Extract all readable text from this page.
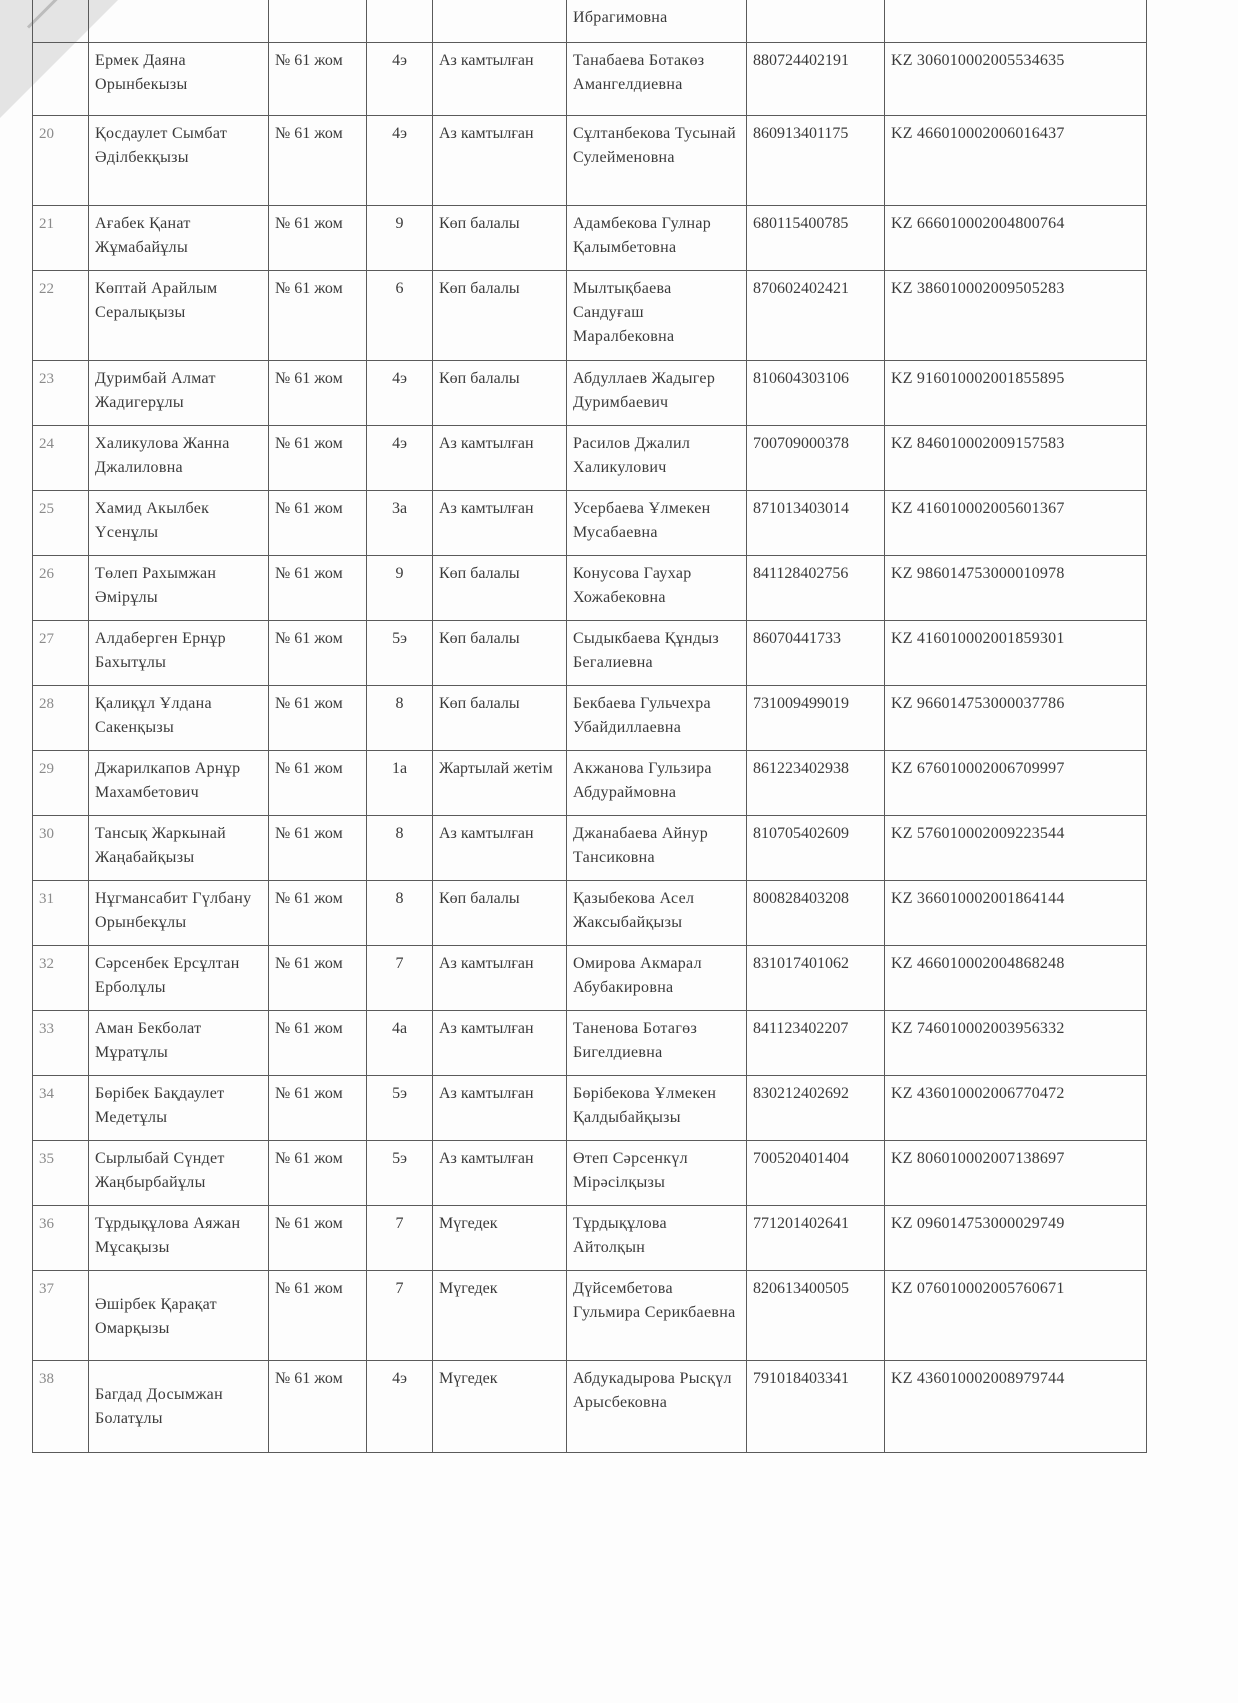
					Ибрагимовна		

	Ермек Даяна Орынбекызы	№ 61 жом	4э	Аз камтылған	Танабаева Ботакөз Амангелдиевна	880724402191	KZ 306010002005534635

20	Қосдаулет Сымбат Әділбекқызы	№ 61 жом	4э	Аз камтылған	Сұлтанбекова Тусынай Сулейменовна	860913401175	KZ 466010002006016437

21	Ағабек Қанат Жұмабайұлы	№ 61 жом	9	Көп балалы	Адамбекова Гулнар Қалымбетовна	680115400785	KZ 666010002004800764

22	Көптай Арайлым Сералықызы	№ 61 жом	6	Көп балалы	Мылтықбаева Сандуғаш Маралбековна	870602402421	KZ 386010002009505283

23	Дуримбай Алмат Жадигерұлы	№ 61 жом	4э	Көп балалы	Абдуллаев Жадыгер Дуримбаевич	810604303106	KZ 916010002001855895

24	Халикулова Жанна Джалиловна	№ 61 жом	4э	Аз камтылған	Расилов Джалил Халикулович	700709000378	KZ 846010002009157583

25	Хамид Акылбек Үсенұлы	№ 61 жом	3а	Аз камтылған	Усербаева Ұлмекен Мусабаевна	871013403014	KZ 416010002005601367

26	Төлеп Рахымжан Әмірұлы	№ 61 жом	9	Көп балалы	Конусова Гаухар Хожабековна	841128402756	KZ 986014753000010978

27	Алдаберген Ернұр Бахытұлы	№ 61 жом	5э	Көп балалы	Сыдыкбаева Құндыз Бегалиевна	86070441733	KZ 416010002001859301

28	Қалиқұл Ұлдана Сакенқызы	№ 61 жом	8	Көп балалы	Бекбаева Гульчехра Убайдиллаевна	731009499019	KZ 966014753000037786

29	Джарилкапов Арнұр Махамбетович	№ 61 жом	1а	Жартылай жетім	Акжанова Гульзира Абдураймовна	861223402938	KZ 676010002006709997

30	Тансық Жаркынай Жаңабайқызы	№ 61 жом	8	Аз камтылған	Джанабаева Айнур Тансиковна	810705402609	KZ 576010002009223544

31	Нұгмансабит Гүлбану Орынбекұлы	№ 61 жом	8	Көп балалы	Қазыбекова Асел Жаксыбайқызы	800828403208	KZ 366010002001864144

32	Сәрсенбек Ерсұлтан Ерболұлы	№ 61 жом	7	Аз камтылған	Омирова Акмарал Абубакировна	831017401062	KZ 466010002004868248

33	Аман Бекболат Мұратұлы	№ 61 жом	4а	Аз камтылған	Таненова Ботагөз Бигелдиевна	841123402207	KZ 746010002003956332

34	Бөрібек Бақдаулет Медетұлы	№ 61 жом	5э	Аз камтылған	Бөрібекова Ұлмекен Қалдыбайқызы	830212402692	KZ 436010002006770472

35	Сырлыбай Сүндет Жаңбырбайұлы	№ 61 жом	5э	Аз камтылған	Өтеп Сәрсенкүл Мірәсілқызы	700520401404	KZ 806010002007138697

36	Тұрдықұлова Аяжан Мұсақызы	№ 61 жом	7	Мүгедек	Тұрдықұлова Айтолқын	771201402641	KZ 096014753000029749

37	Әшірбек Қарақат Омарқызы	№ 61 жом	7	Мүгедек	Дүйсембетова Гульмира Серикбаевна	820613400505	KZ 076010002005760671

38	Багдад Досымжан Болатұлы	№ 61 жом	4э	Мүгедек	Абдукадырова Рысқүл Арысбековна	791018403341	KZ 436010002008979744
